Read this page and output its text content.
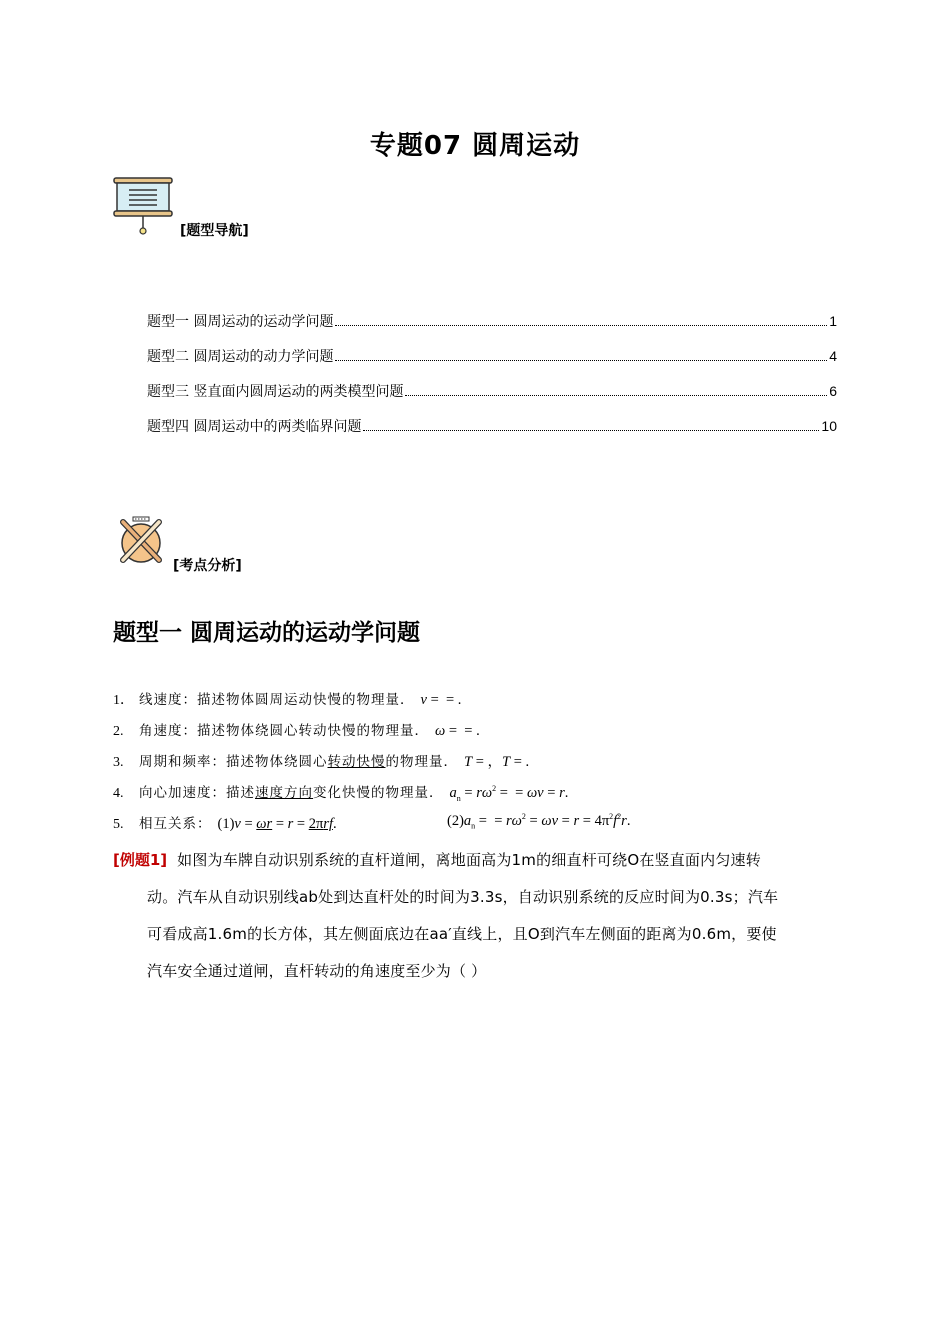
专题07 圆周运动
[题型导航]
题型一 圆周运动的运动学问题	1
题型二 圆周运动的动力学问题	4
题型三 竖直面内圆周运动的两类模型问题	6
题型四 圆周运动中的两类临界问题	10
[考点分析]
题型一 圆周运动的运动学问题
1． 线速度：描述物体圆周运动快慢的物理量． v =  = .
2. 角速度：描述物体绕圆心转动快慢的物理量． ω =  = .
3. 周期和频率：描述物体绕圆心转动快慢的物理量． T = ，T = .
4. 向心加速度：描述速度方向变化快慢的物理量． $a_n = r\omega^2$ =  = ωv = r.
5. 相互关系： (1)v = ωr = r = 2πrf.	$(2)a_n$ =  = $r\omega^2 = \omega v = r = 4\pi^2f^2r$.
[例题1] 如图为车牌自动识别系统的直杆道闸，离地面高为1m的细直杆可绕O在竖直面内匀速转
动。汽车从自动识别线ab处到达直杆处的时间为3.3s，自动识别系统的反应时间为0.3s；汽车
可看成高1.6m的长方体，其左侧面底边在aa′直线上，且O到汽车左侧面的距离为0.6m，要使
汽车安全通过道闸，直杆转动的角速度至少为（ ）
